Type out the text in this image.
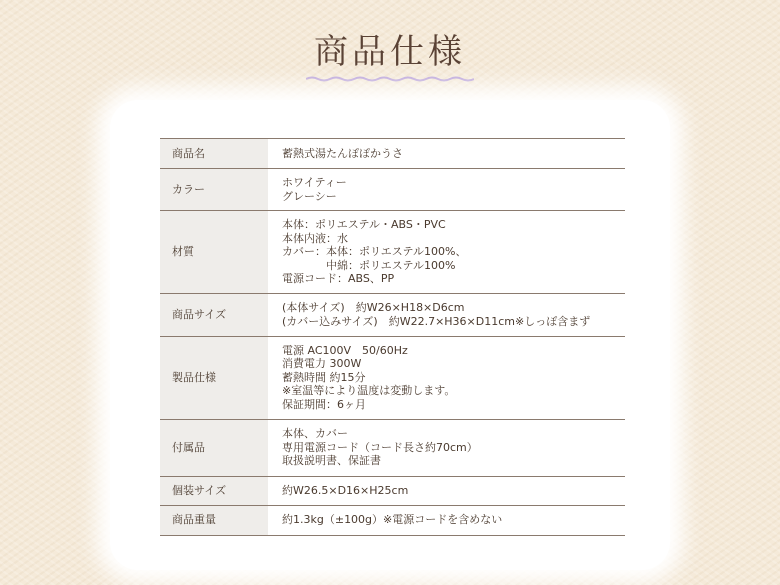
商品仕様
商品名	蓄熱式湯たんぽぽかうさ

カラー	ホワイティー
グレーシー

材質	本体：ポリエステル・ABS・PVC
本体内液：水
カバー：本体：ポリエステル100%、
　　　　中綿：ポリエステル100%
電源コード：ABS、PP

商品サイズ	(本体サイズ)　約W26×H18×D6cm
(カバー込みサイズ)　約W22.7×H36×D11cm※しっぽ含まず

製品仕様	電源 AC100V　50/60Hz
消費電力 300W
蓄熱時間 約15分
※室温等により温度は変動します。
保証期間：6ヶ月

付属品	本体、カバー
専用電源コード（コード長さ約70cm）
取扱説明書、保証書

個装サイズ	約W26.5×D16×H25cm

商品重量	約1.3kg（±100g）※電源コードを含めない
